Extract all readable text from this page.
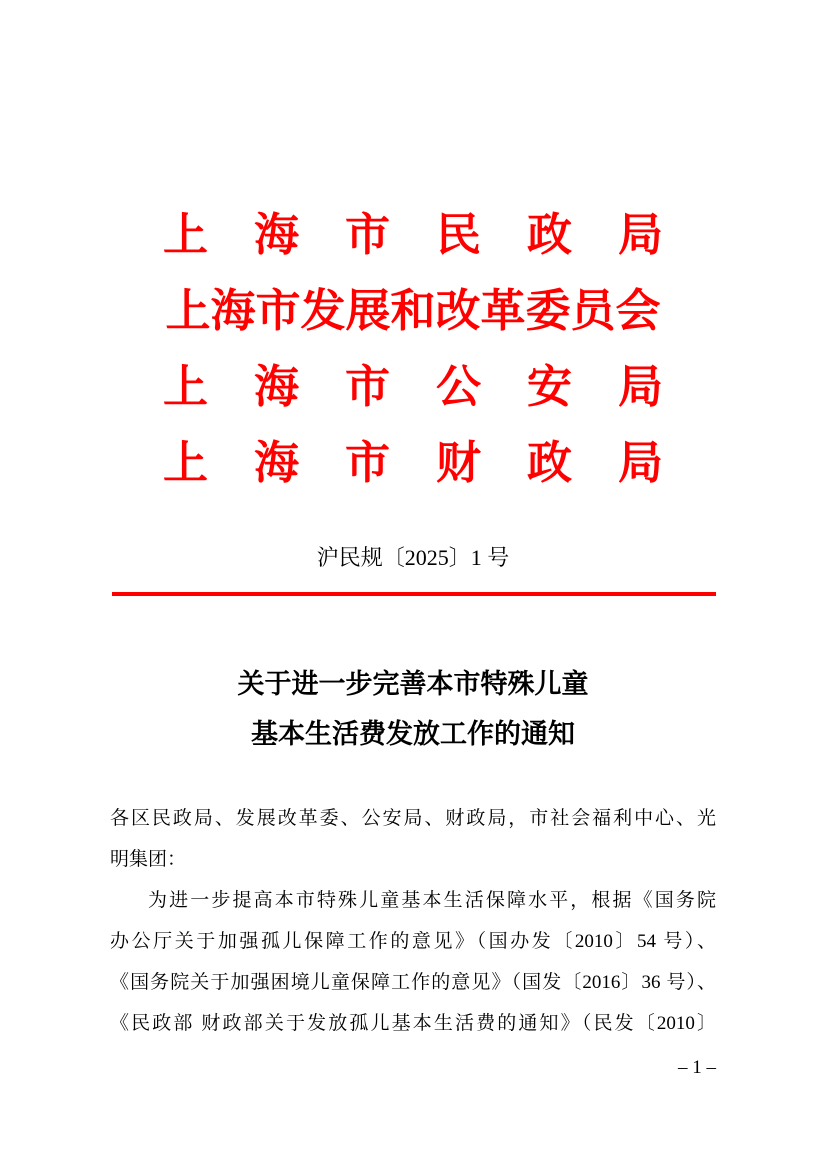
上海市民政局
上海市发展和改革委员会
上海市公安局
上海市财政局
沪民规〔2025〕1 号
关于进一步完善本市特殊儿童
基本生活费发放工作的通知

各区民政局、发展改革委、公安局、财政局，市社会福利中心、光

明集团：

为进一步提高本市特殊儿童基本生活保障水平，根据《国务院

办公厅关于加强孤儿保障工作的意见》（国办发〔2010〕54 号）、

《国务院关于加强困境儿童保障工作的意见》（国发〔2016〕36 号）、

《民政部 财政部关于发放孤儿基本生活费的通知》（民发〔2010〕

– 1 –
